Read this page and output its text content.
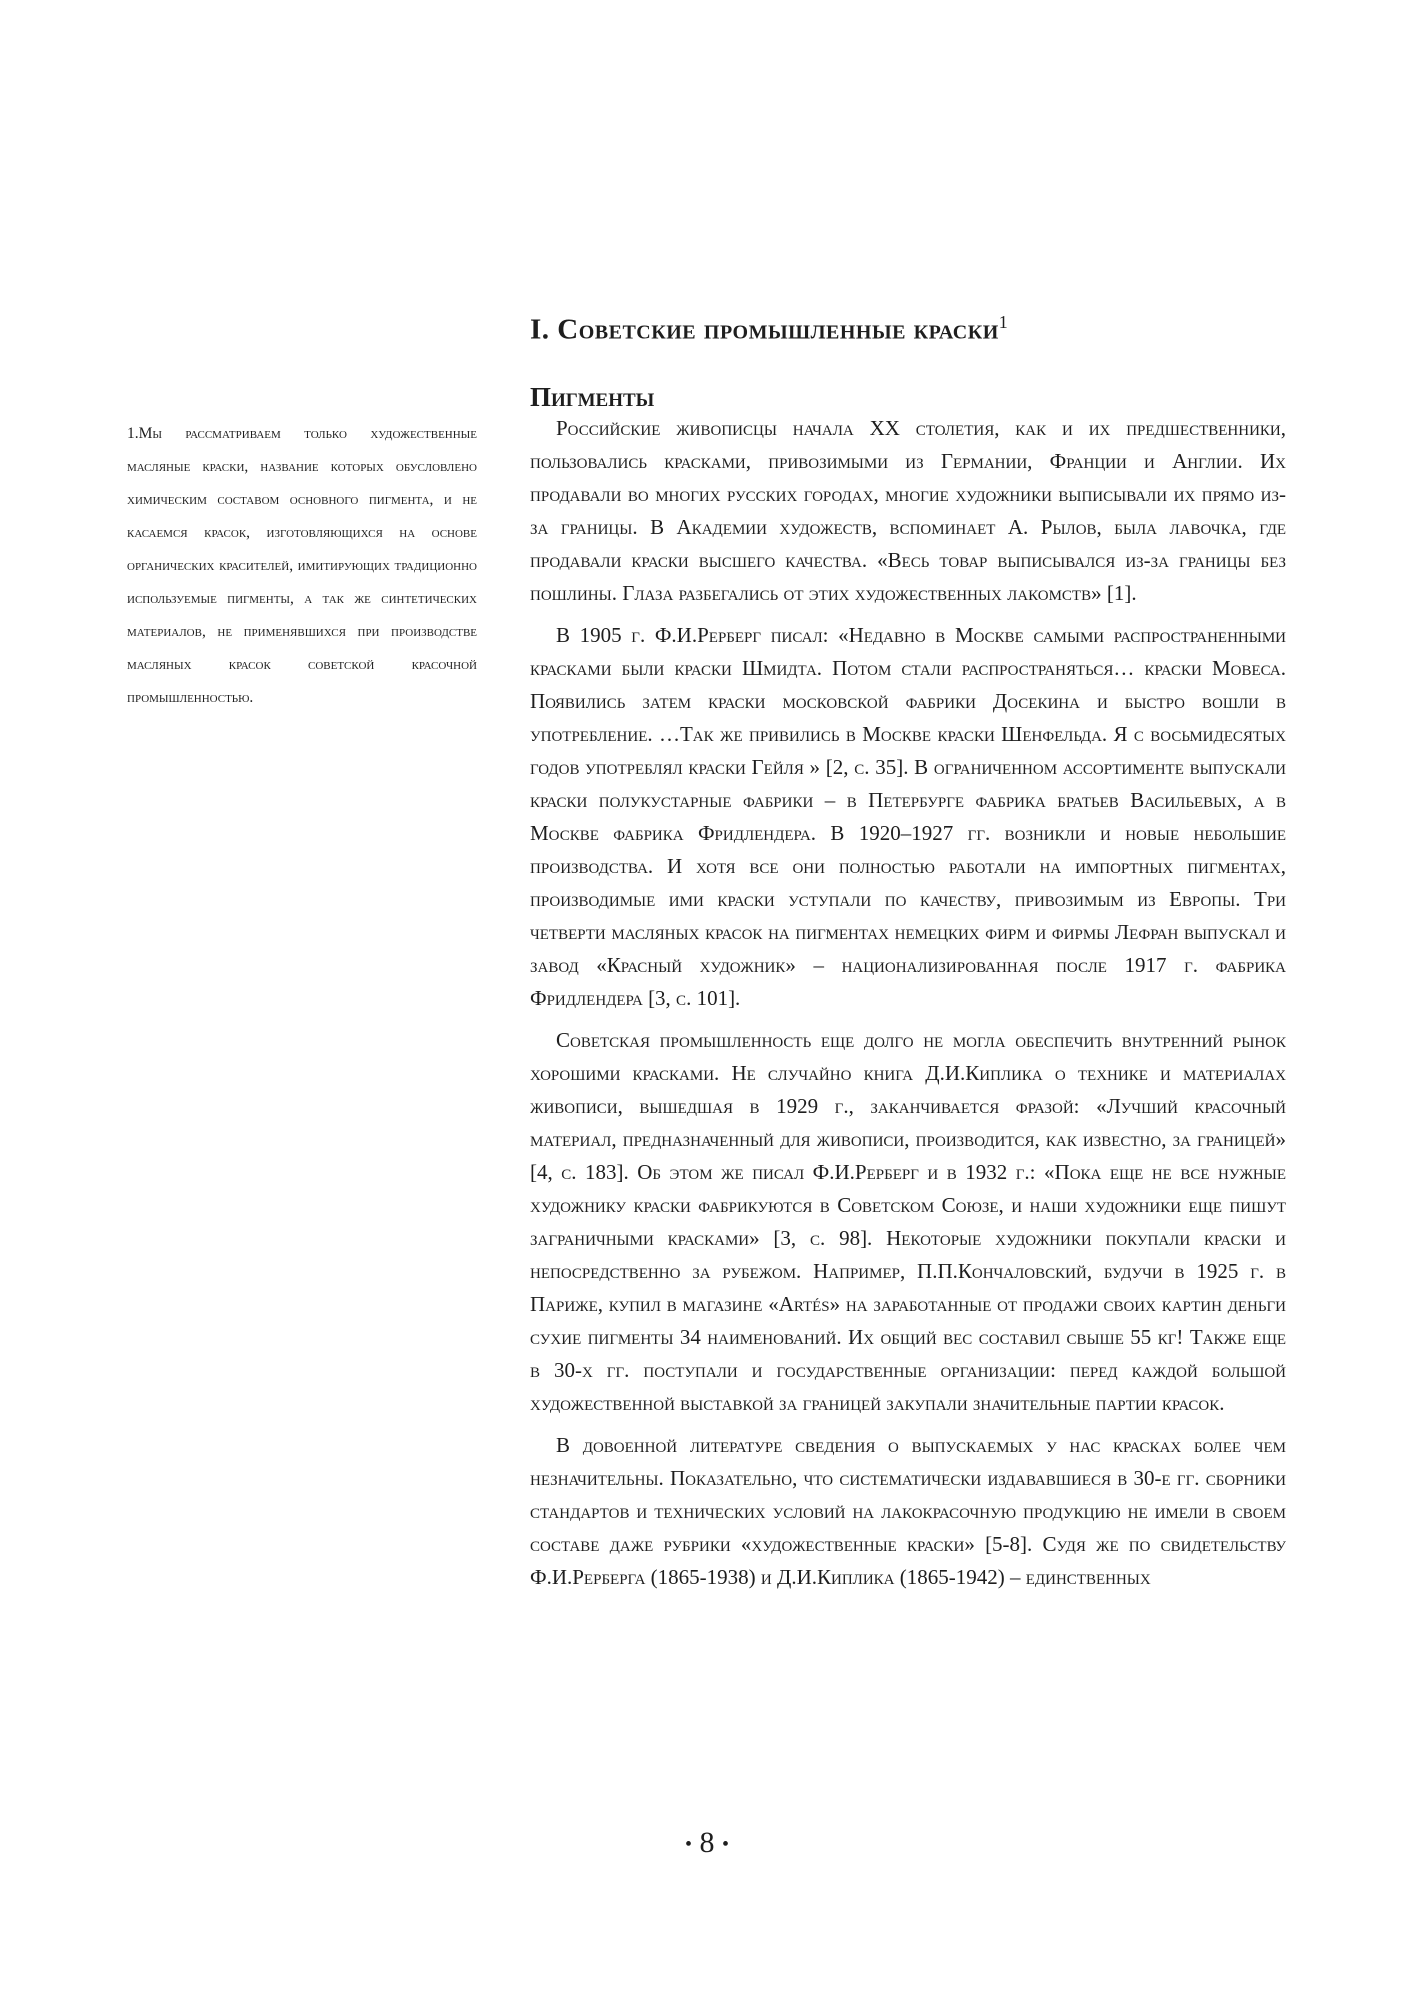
I. Советские промышленные краски$^1$
Пигменты

1.Мы рассматриваем только художественные масляные краски, название которых обусловлено химическим составом основного пигмента, и не касаемся красок, изготовляющихся на основе органических красителей, имитирующих традиционно используемые пигменты, а так же синтетических материалов, не применявшихся при производстве масляных красок советской красочной промышленностью.

Российские живописцы начала XX столетия, как и их предшественники, пользовались красками, привозимыми из Германии, Франции и Англии. Их продавали во многих русских городах, многие художники выписывали их прямо из-за границы. В Академии художеств, вспоминает А. Рылов, была лавочка, где продавали краски высшего качества. «Весь товар выписывался из-за границы без пошлины. Глаза разбегались от этих художественных лакомств» [1].

В 1905 г. Ф.И.Рерберг писал: «Недавно в Москве самыми распространенными красками были краски Шмидта. Потом стали распространяться… краски Мовеса. Появились затем краски московской фабрики Досекина и быстро вошли в употребление. …Так же привились в Москве краски Шенфельда. Я с восьмидесятых годов употреблял краски Гейля » [2, с. 35]. В ограниченном ассортименте выпускали краски полукустарные фабрики – в Петербурге фабрика братьев Васильевых, а в Москве фабрика Фридлендера. В 1920–1927 гг. возникли и новые небольшие производства. И хотя все они полностью работали на импортных пигментах, производимые ими краски уступали по качеству, привозимым из Европы. Три четверти масляных красок на пигментах немецких фирм и фирмы Лефран выпускал и завод «Красный художник» – национализированная после 1917 г. фабрика Фридлендера [3, с. 101].

Советская промышленность еще долго не могла обеспечить внутренний рынок хорошими красками. Не случайно книга Д.И.Киплика о технике и материалах живописи, вышедшая в 1929 г., заканчивается фразой: «Лучший красочный материал, предназначенный для живописи, производится, как известно, за границей» [4, с. 183]. Об этом же писал Ф.И.Рерберг и в 1932 г.: «Пока еще не все нужные художнику краски фабрикуются в Советском Союзе, и наши художники еще пишут заграничными красками» [3, с. 98]. Некоторые художники покупали краски и непосредственно за рубежом. Например, П.П.Кончаловский, будучи в 1925 г. в Париже, купил в магазине «Artés» на заработанные от продажи своих картин деньги сухие пигменты 34 наименований. Их общий вес составил свыше 55 кг! Также еще в 30-х гг. поступали и государственные организации: перед каждой большой художественной выставкой за границей закупали значительные партии красок.

В довоенной литературе сведения о выпускаемых у нас красках более чем незначительны. Показательно, что систематически издававшиеся в 30-е гг. сборники стандартов и технических условий на лакокрасочную продукцию не имели в своем составе даже рубрики «художественные краски» [5-8]. Судя же по свидетельству Ф.И.Рерберга (1865-1938) и Д.И.Киплика (1865-1942) – единственных

• 8 •
